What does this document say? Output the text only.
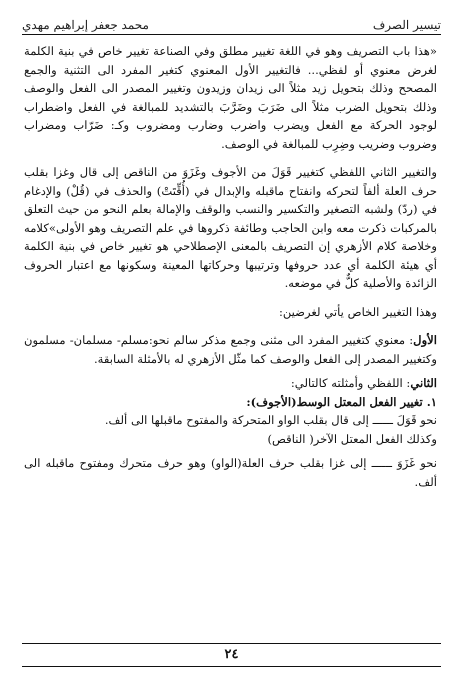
محمد جعفر إبراهيم مهدي	تيسير الصرف

«هذا باب التصريف وهو في اللغة تغيير مطلق وفي الصناعة تغيير خاص في بنية الكلمة لغرض معنوي أو لفظي... فالتغيير الأول المعنوي كتغير المفرد الى التثنية والجمع المصحح وذلك بتحويل زيد مثلاً الى زيدان وزيدون وتغيير المصدر الى الفعل والوصف وذلك بتحويل الضرب مثلاً الى ضَرَبَ وضَرَّبَ بالتشديد للمبالغة في الفعل واضطراب لوجود الحركة مع الفعل ويضرب واضرب وضارب ومضروب وكـ: ضَرّاب ومضراب وضروب وضريب وضِرِب للمبالغة في الوصف.

والتغيير الثاني اللفظي كتغيير قَوَلَ من الأجوف وغَزَوَ من الناقص إلى قال وغزا بقلب حرف العلة ألفاً لتحركه وانفتاح ماقبله والإبدال في (أُقِّتَتْ) والحذف في (قُلْ) والإدغام في (ردّ) ولشبه التصغير والتكسير والنسب والوقف والإمالة بعلم النحو من حيث التعلق بالمركبات ذكرت معه وابن الحاجب وطائفة ذكروها في علم التصريف وهو الأولى»كلامه وخلاصة كلام الأزهري إن التصريف بالمعنى الإصطلاحي هو تغيير خاص في بنية الكلمة أي هيئة الكلمة أي عدد حروفها وترتيبها وحركاتها المعينة وسكونها مع اعتبار الحروف الزائدة والأصلية كلٌّ في موضعه.

وهذا التغيير الخاص يأتي لغرضين:

الأول: معنوي كتغيير المفرد الى مثنى وجمع مذكر سالم نحو:مسلم- مسلمان- مسلمون وكتغيير المصدر إلى الفعل والوصف كما مثّل الأزهري له بالأمثلة السابقة.

الثاني: اللفظي وأمثلته كالتالي:

١. تغيير الفعل المعتل الوسط(الأجوف):

نحو قَوَلَ ــــــ إلى قال بقلب الواو المتحركة والمفتوح ماقبلها الى ألف.

وكذلك الفعل المعتل الآخر( الناقص)

نحو غَزَوَ ــــــ إلى غزا بقلب حرف العلة(الواو) وهو حرف متحرك ومفتوح ماقبله الى ألف.

٢٤
